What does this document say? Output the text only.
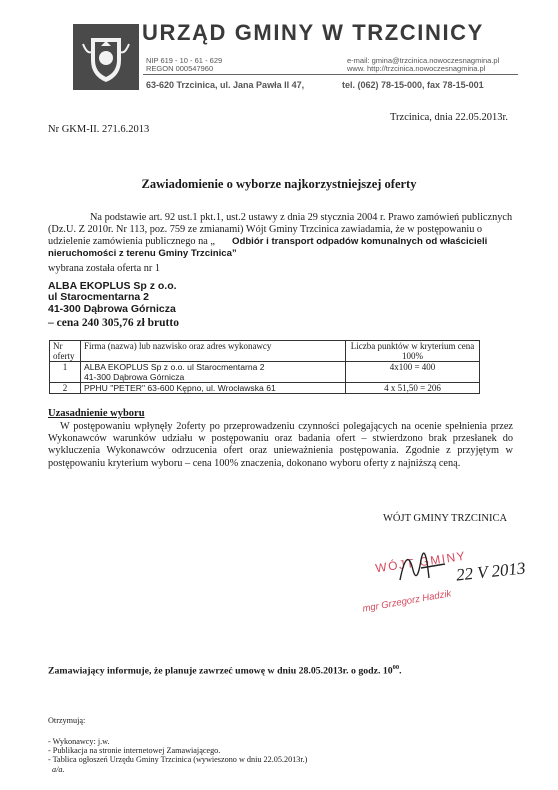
URZĄD GMINY W TRZCINICY
NIP 619 - 10 - 61 - 629
REGON 000547960
e-mail: gmina@trzcinica.nowoczesnagmina.pl
www. http://trzcinica.nowoczesnagmina.pl
63-620 Trzcinica, ul. Jana Pawła II 47,	tel. (062) 78-15-000, fax 78-15-001
Trzcinica, dnia 22.05.2013r.
Nr GKM-II. 271.6.2013
Zawiadomienie o wyborze najkorzystniejszej oferty
Na podstawie art. 92 ust.1 pkt.1, ust.2 ustawy z dnia 29 stycznia 2004 r. Prawo zamówień publicznych
(Dz.U. Z 2010r. Nr 113, poz. 759 ze zmianami) Wójt Gminy Trzcinica zawiadamia, że w postępowaniu o
udzielenie zamówienia publicznego na „ Odbiór i transport odpadów komunalnych od właścicieli
nieruchomości z terenu Gminy Trzcinica”
wybrana została oferta nr 1
ALBA EKOPLUS Sp z o.o.
ul Starocmentarna 2
41-300 Dąbrowa Górnicza
– cena 240 305,76 zł brutto
Nr oferty	Firma (nazwa) lub nazwisko oraz adres wykonawcy	Liczba punktów w kryterium cena 100%
1	ALBA EKOPLUS Sp z o.o. ul Starocmentarna 2
41-300 Dąbrowa Górnicza	4x100 = 400
2	PPHU "PETER" 63-600 Kępno, ul. Wrocławska 61	4 x 51,50 = 206
Uzasadnienie wyboru
W postępowaniu wpłynęły 2oferty po przeprowadzeniu czynności polegających na ocenie spełnienia przez Wykonawców warunków udziału w postępowaniu oraz badania ofert – stwierdzono brak przesłanek do wykluczenia Wykonawców odrzucenia ofert oraz unieważnienia postępowania. Zgodnie z przyjętym w postępowaniu kryterium wyboru – cena 100% znaczenia, dokonano wyboru oferty z najniższą ceną.
WÓJT GMINY TRZCINICA
WÓJT GMINY
mgr Grzegorz Hadzik
22 V 2013
Zamawiający informuje, że planuje zawrzeć umowę w dniu 28.05.2013r. o godz. $10^{00}$.
Otrzymują:
- Wykonawcy: j.w.
- Publikacja na stronie internetowej Zamawiającego.
- Tablica ogłoszeń Urzędu Gminy Trzcinica (wywieszono w dniu 22.05.2013r.)
a/a.
